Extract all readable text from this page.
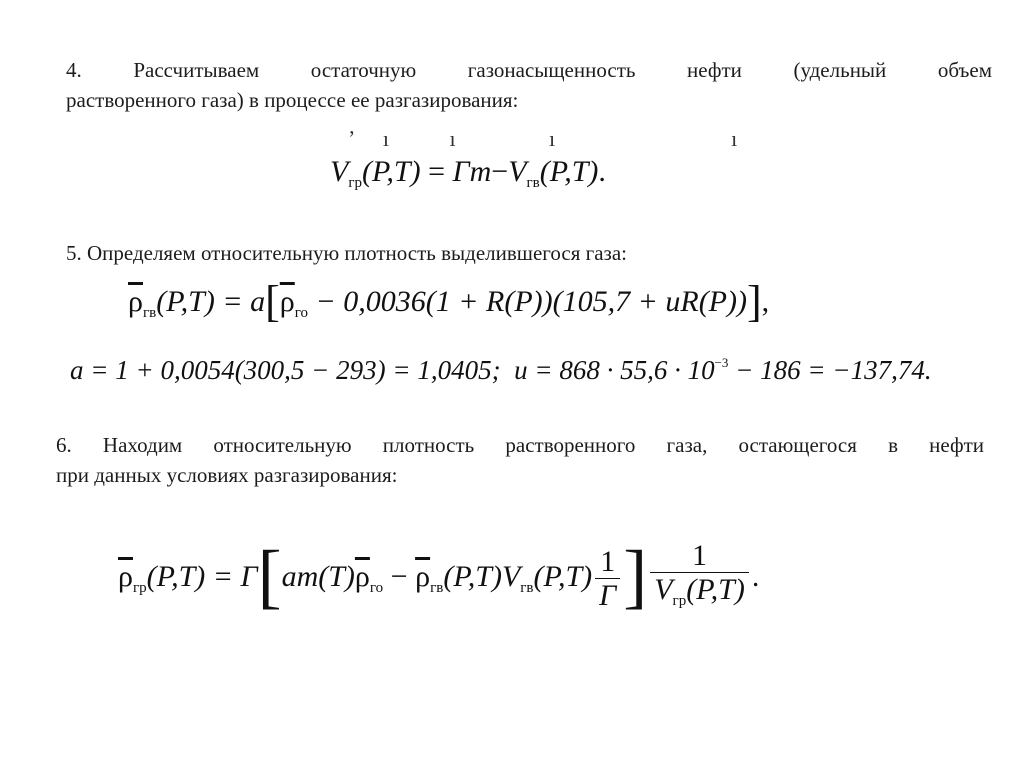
4. Рассчитываем остаточную газонасыщенность нефти (удельный объем
растворенного газа) в процессе ее разгазирования:

ʼ     ı           ı                 ı                                ı
$V_{гр}(P,T) = Гm-V_{гв}(P,T)$.

5. Определяем относительную плотность выделившегося газа:

$\overline{\rho}_{гв}(P,T) = a[\overline{\rho}_{го} - 0,0036(1 + R(P))(105,7 + uR(P))]$,
a = 1 + 0,0054(300,5 − 293) = 1,0405; $u = 868 \cdot 55,6 \cdot 10^{-3} - 186 = -137,74$.

6. Находим относительную плотность растворенного газа, остающегося в нефти
при данных условиях разгазирования:

$\overline{\rho}_{гр}(P,T) = Г[am(T)\overline{\rho}_{го} - \overline{\rho}_{гв}(P,T)V_{гв}(P,T) \frac{1}{Г}$ ] $\frac{1}{V_{гр}(P,T)}$ .
